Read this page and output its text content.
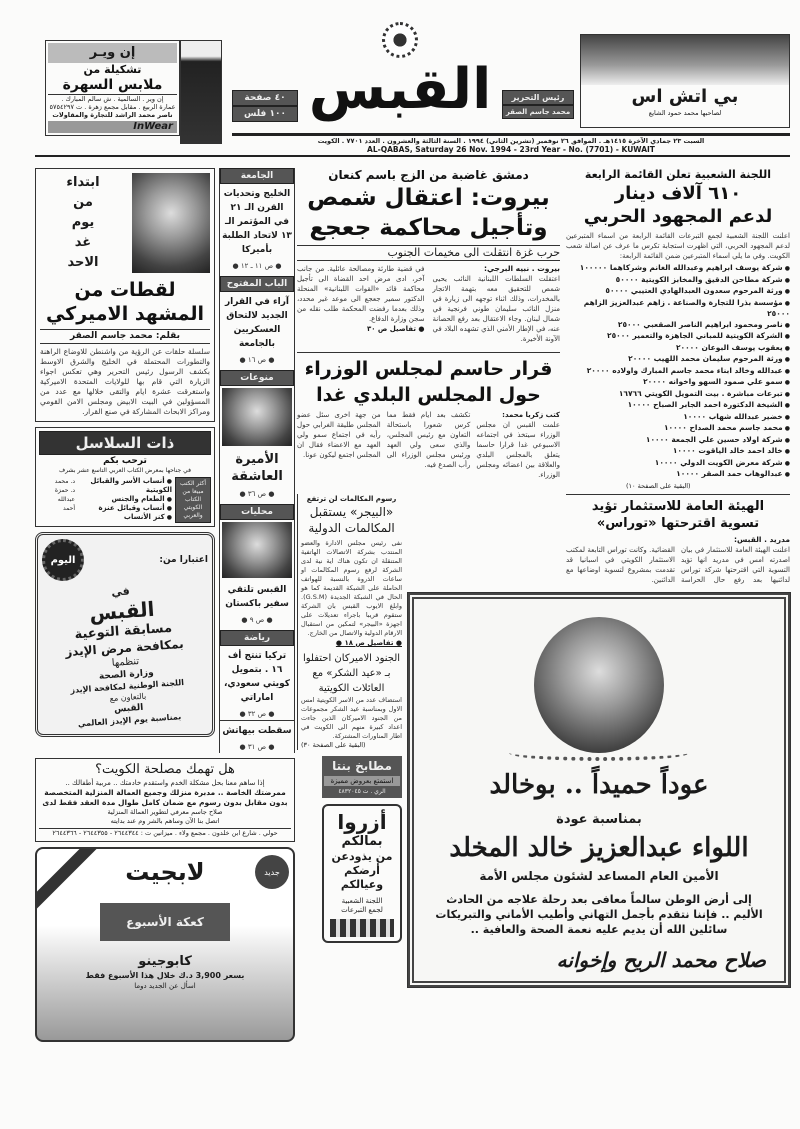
إن ويـر
تشكيلة من
ملابس السهرة
إن وير . السالمية . ش سالم المبارك .
عمارة الربيع . مقابل مجمع زهرة . ت ٥٧٥٤٢٩٧
ناصر محمد الراشد للتجارة والمقاولات
InWear
٤٠ صفحة
١٠٠ فلس القبس	رئيس التحرير
محمد جاسم الصقر
بي اتش اس
لصاحبها محمد حمود الشايع
السبت ٢٣ جمادي الآخرة ١٤١٥هـ . الموافق ٢٦ نوفمبر (تشرين الثاني) ١٩٩٤ . السنة الثالثة والعشرون . العدد ٧٧٠١ . الكويت
AL-QABAS, Saturday 26 Nov. 1994 - 23rd Year - No. (7701) - KUWAIT
الجامعة
الخليج وتحديات القرن الـ ٢١ في المؤتمر الـ ١٣ لاتحاد الطلبة بأميركا
● ص ١١ ـ ١٢ ●
الباب المفتوح
آراء في القرار الجديد لالتحاق العسكريين بالجامعة
● ص ١٦ ●
منوعات
الأميرة العاشقة
● ص ٣٦ ●
محليات
القبس تلتقي سفير باكستان
● ص ٩ ●
رياضة
تركيا تنتج أف ١٦ . بتمويل كويتي سعودي، اماراتي
● ص ٣٢ ●
سقطت بيهاتش
● ص ٣١ ●
ابتداء
من
يوم
غد
الاحد
لقطات من
المشهد الاميركي
بقلم: محمد جاسم الصقر
سلسلة حلقات عن الرؤية من واشنطن للاوضاع الراهنة والتطورات المحتملة في الخليج والشرق الاوسط بكشف الرسول رئيس التحرير وهي تعكس اجواء الزيارة التي قام بها للولايات المتحدة الاميركية واستغرقت عشرة ايام والتقى خلالها مع عدد من المسؤولين في البيت الابيض ومجلس الامن القومي ومراكز الابحاث المشاركة في صنع القرار.
ذات السلاسل
ترحب بكم
في جناحها بمعرض الكتاب العربي التاسع عشر بشرف
أكثر الكتب مبيعا من الكتاب الكويتي والعربي
● أنساب الأسر والقبائل الكويتية
● الطعام والجنس
● أنساب وقبائل عنزة
● كنز الأنساب
د. محمد
د. حمزة
عبدالله
أحمد
اعتبارا من:
اليوم
في
القبس
مسابقة التوعية
بمكافحة مرض الإيدز
تنظمها
وزارة الصحة
اللجنة الوطنية لمكافحة الإيدز
بالتعاون مع
القبس
بمناسبة يوم الإيدز العالمي
هل تهمك مصلحة الكويت؟
إذا ساهم معنا بحل مشكلة الخدم واستقدم خادمتك .. مربية أطفالك ..
ممرضتك الخاصة .. مدبرة منزلك وجميع العمالة المنزلية المتخصصة
بدون مقابل بدون رسوم مع ضمان كامل طوال مدة العقد فقط لدى
صلاح جاسم معرفي لتطوير العمالة المنزلية
اتصل بنا الآن وساهم بالشر وم عند بدايته
حولي . شارع ابن خلدون . مجمع ولاء . ميزانين ت : ٢٦٤٤٣٤٤ - ٢٦٤٤٣٥٥ - ٢٦٤٤٣٦٦
جديد
لابجيت
كعكة الأسبوع
كابوجينو
بسعر 3,900 د.ك خلال هذا الأسبوع فقط
اسأل عن الجديد دوما
دمشق غاضبة من الزج باسم كنعان
بيروت: اعتقال شمص
وتأجيل محاكمة جعجع
حرب غزة انتقلت الى مخيمات الجنوب
بيروت . نبيه البرجي:
اعتقلت السلطات اللبنانية النائب يحيى شمص للتحقيق معه بتهمة الاتجار بالمخدرات، وذلك اثناء توجهه الى زيارة في منزل النائب سليمان طوني فرنجية في شمال لبنان. وجاء الاعتقال بعد رفع الحصانة عنه، في الإطار الأمني الذي تشهده البلاد في الآونة الأخيرة.
في قضية طارئة ومصالحة عائلية. من جانب آخر، ادى مرض احد القضاة الى تأجيل محاكمة قائد «القوات اللبنانية» المنحلة الدكتور سمير جعجع الى موعد غير محدد، وذلك بعدما رفضت المحكمة طلب نقله من سجن وزارة الدفاع.
● تفاصيل ص ٣٠
قرار حاسم لمجلس الوزراء
حول المجلس البلدي غدا
كتب زكريا محمد:
علمت القبس ان مجلس الوزراء سيتخذ في اجتماعه الاسبوعي غدا قرارا حاسما يتعلق بالمجلس البلدي والعلاقة بين اعضائه ومجلس الوزراء.
تكشف بعد ايام فقط مما كرس شعورا باستحالة التعاون مع رئيس المجلس، والذي سعى ولي العهد ورئيس مجلس الوزراء الى رأب الصدع فيه.
من جهة اخرى سئل عضو المجلس طليقة الغرابي حول رأيه في اجتماع سمو ولي العهد مع الاعضاء فقال ان المجلس اجتمع ليكون عونا.
رسوم المكالمات لن ترتفع
«البيجر» يستقبل المكالمات الدولية
نفى رئيس مجلس الادارة والعضو المنتدب بشركة الاتصالات الهاتفية المتنقلة ان تكون هناك اية نية لدى الشركة لرفع رسوم المكالمات او ساعات الذروة بالنسبة للهواتف الحاملة على الشبكة القديمة كما هو الحال في الشبكة الجديدة (G.S.M). وابلغ الايوب القبس بان الشركة ستقوم قريبا باجراء تعديلات على اجهزة «البيجر» لتمكين من استقبال الارقام الدولية والاتصال من الخارج.
● تفاصيل ص ١٨ ●
الجنود الاميركان احتفلوا بـ «عيد الشكر» مع العائلات الكويتية
استضاف عدد من الاسر الكويتية امس الاول وبمناسبة عيد الشكر مجموعات من الجنود الاميركان الذين جاءت اعداد كبيرة منهم الى الكويت في اطار المناورات المشتركة.
(البقية على الصفحة ٣٠)
مطابخ بنتا
استمتع بعروض مميزة
الري . ت ٤٨٣٢٠٤٥
أزروا
بمالكم
من يذودعن
أرضكم
وعيالكم
اللجنة الشعبية
لجمع التبرعات
اللجنة الشعبية تعلن القائمة الرابعة
٦١٠ آلاف دينار
لدعم المجهود الحربي
اعلنت اللجنة الشعبية لجمع التبرعات القائمة الرابعة من اسماء المتبرعين لدعم المجهود الحربي، التي اظهرت استجابة تكرس ما عرف عن اصالة شعب الكويت. وفي ما يلي اسماء المتبرعين ضمن القائمة الرابعة:
● شركة يوسف ابراهيم وعبدالله الغانم وشركاهما ١٠٠٠٠٠
● شركة مطاحن الدقيق والمخابز الكويتية ٥٠٠٠٠
● ورثة المرحوم سعدون العبدالهادي العتيبي ٥٠٠٠٠
● مؤسسة بذرا للتجارة والصناعة . زاهم عبدالعزيز الزاهم ٢٥٠٠٠
● ناصر ومحمود ابراهيم الناصر الصقعبي ٢٥٠٠٠
● الشركة الكويتية للمباني الجاهزة والتعمير ٢٥٠٠٠
● يعقوب يوسف البوعان ٢٠٠٠٠
● ورثة المرحوم سليمان محمد اللهيب ٢٠٠٠٠
● عبدالله وخالد ابناء محمد جاسم المبارك واولاده ٢٠٠٠٠
● سمو علي صمود السهو واخوانه ٢٠٠٠٠
● تبرعات مباشرة . بيت التمويل الكويتي ١٦٧٦٦
● الشيخة الدكتورة احمد الجابر الصباح ١٠٠٠٠
● خضير عبدالله شهاب ١٠٠٠٠
● محمد جاسم محمد الصداح ١٠٠٠٠
● شركة اولاد حسين علي الجمعة ١٠٠٠٠
● خالد احمد خالد الياقوت ١٠٠٠٠
● شركة معرض الكويت الدولي ١٠٠٠٠
● عبدالوهاب حمد الصقر ١٠٠٠٠
(البقية على الصفحة ١٠)
الهيئة العامة للاستثمار تؤيد
تسوية اقترحتها «توراس»
مدريد . القبس:
اعلنت الهيئة العامة للاستثمار في بيان اصدرته امس في مدريد انها تؤيد التسوية التي اقترحتها شركة توراس لدائنيها بعد رفع حال الحراسة القضائية. وكانت توراس التابعة لمكتب الاستثمار الكويتي في اسبانيا قد تقدمت بمشروع لتسوية اوضاعها مع الدائنين.
عوداً حميداً .. بوخالد
بمناسبة عودة
اللواء عبدالعزيز خالد المخلد
الأمين العام المساعد لشئون مجلس الأمة
إلى أرض الوطن سالماً معافى بعد رحلة علاجه من الحادث
الأليم .. فإننا نتقدم بأجمل التهاني وأطيب الأماني والتبريكات
سائلين الله أن يديم عليه نعمة الصحة والعافية ..
صلاح محمد الريح وإخوانه
